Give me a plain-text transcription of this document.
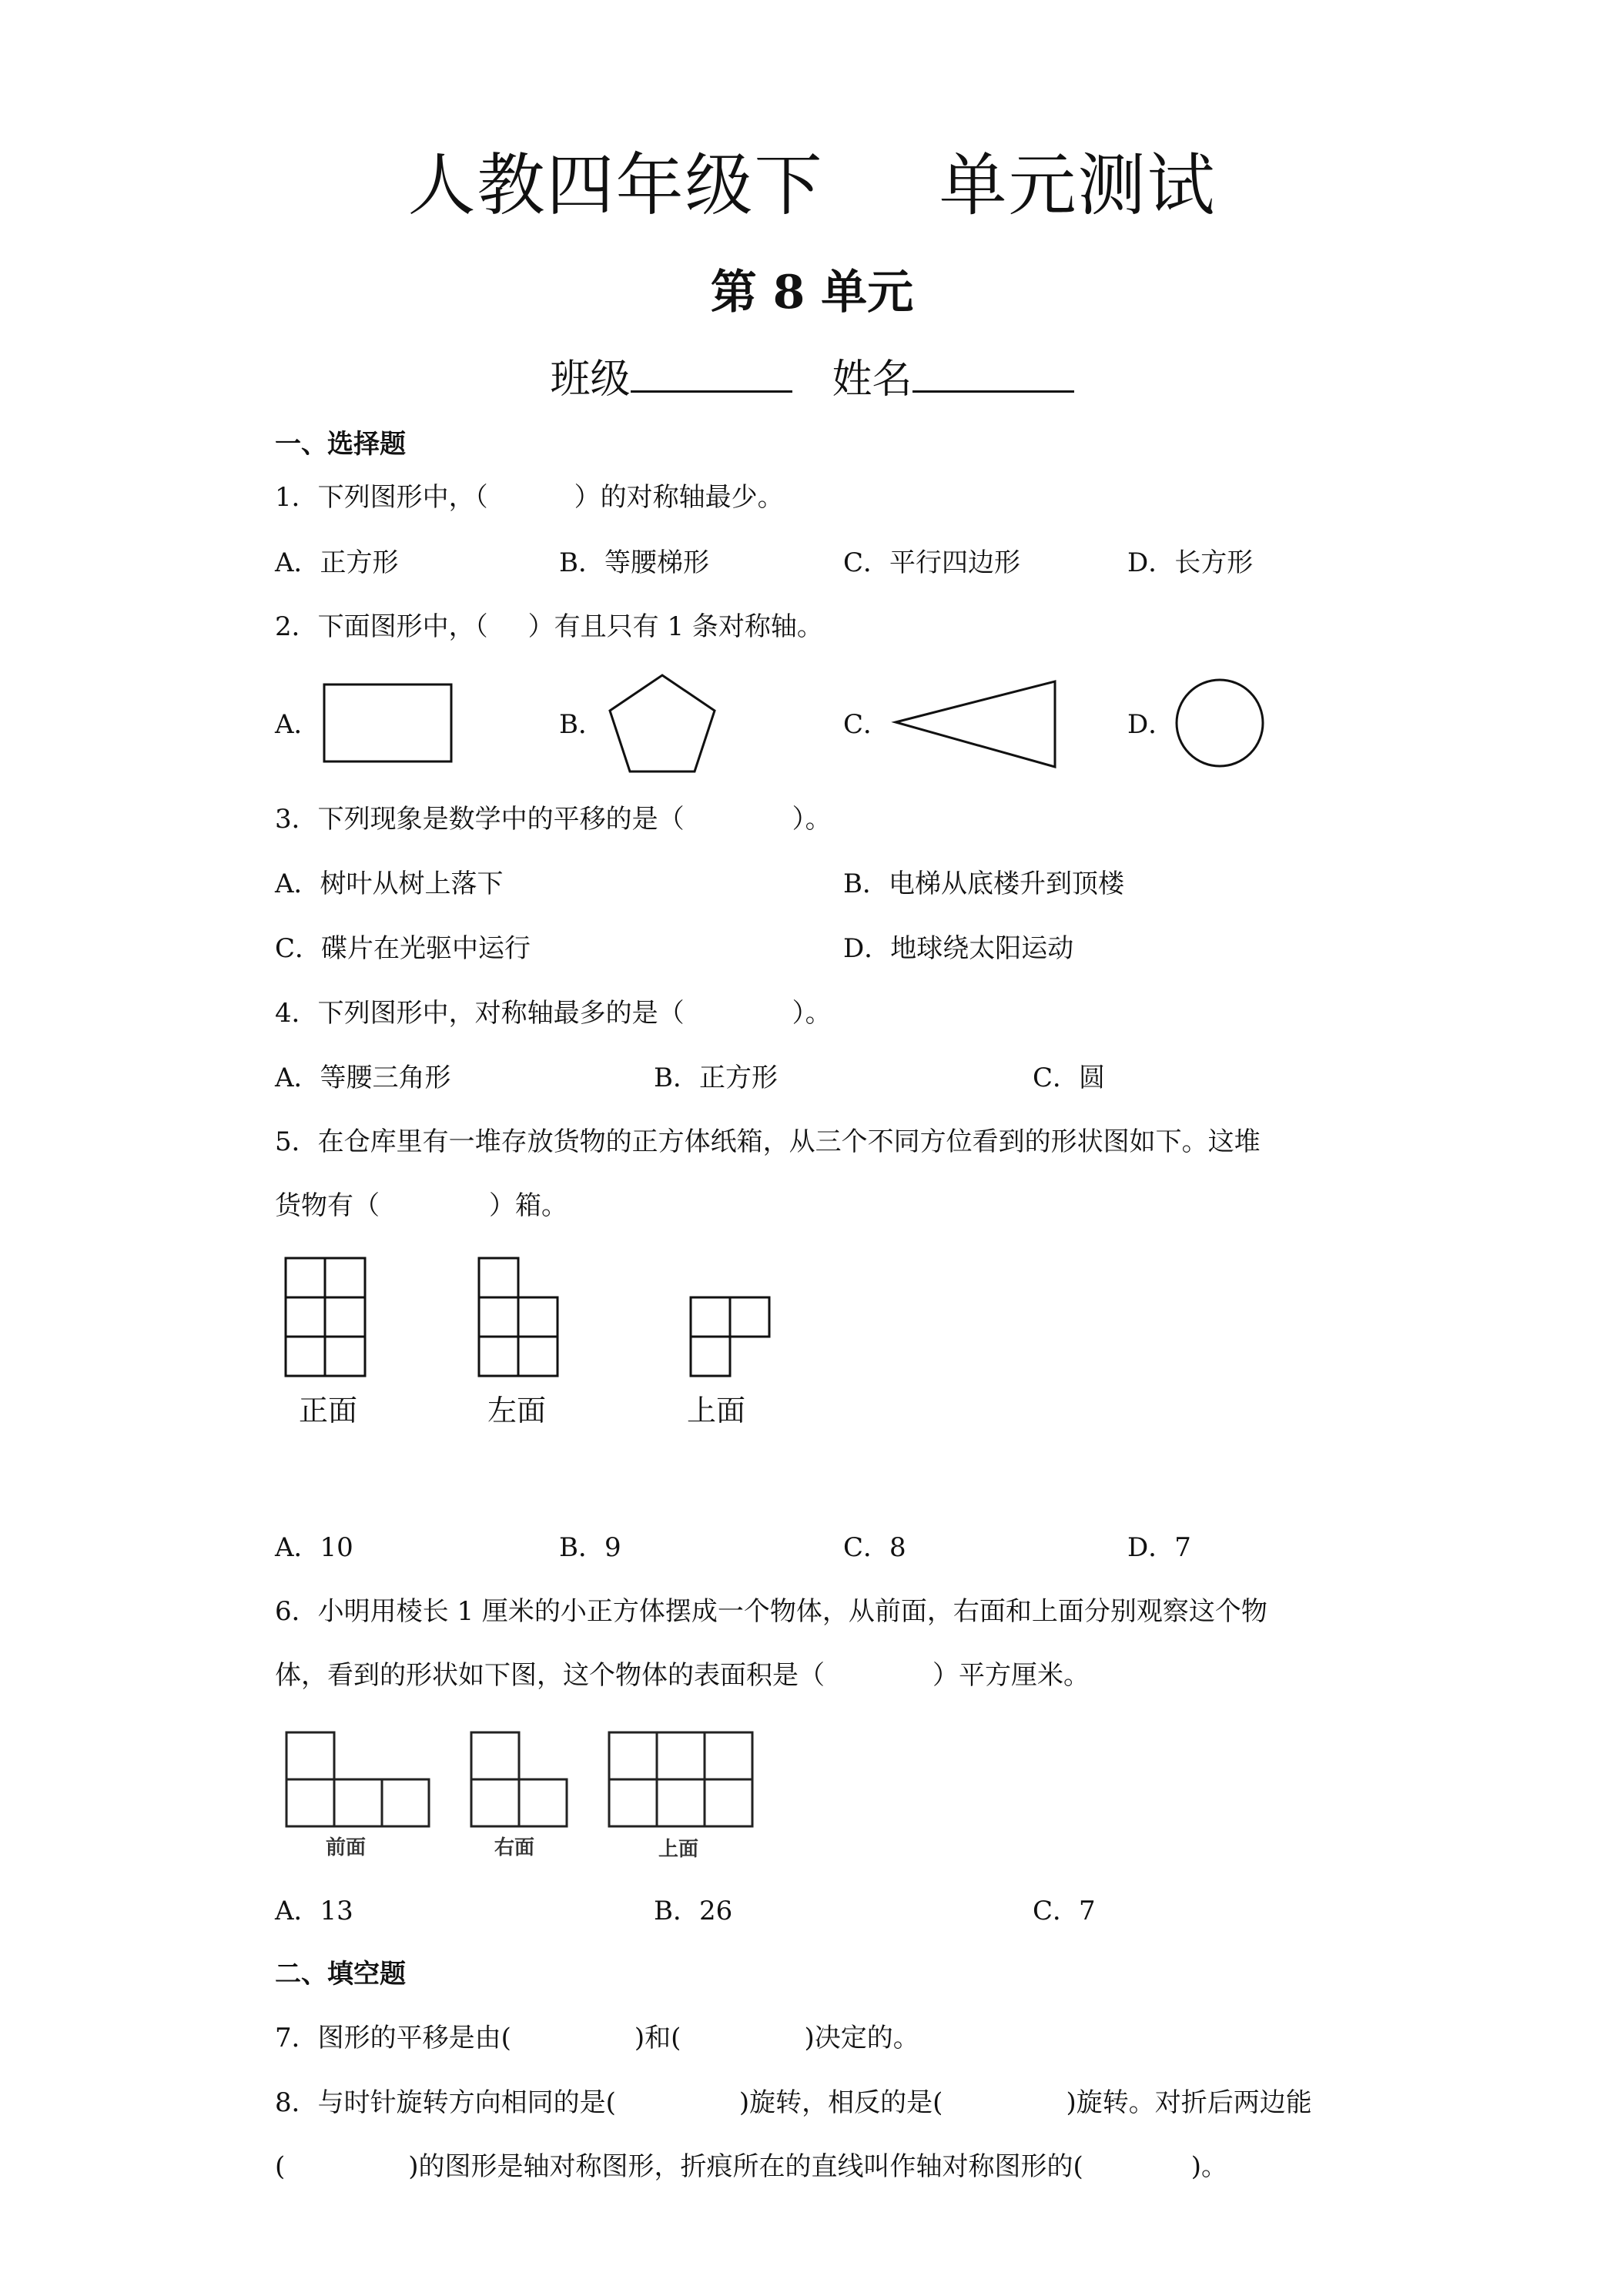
人教四年级下 单元测试
第 8 单元
班级	姓名
一、选择题
1．下列图形中，（	）的对称轴最少。
A．正方形	B．等腰梯形	C．平行四边形	D．长方形
2．下面图形中，（ ）有且只有 1 条对称轴。
A．	B．	C．	D．
3．下列现象是数学中的平移的是（	）。
A．树叶从树上落下	B．电梯从底楼升到顶楼
C．碟片在光驱中运行	D．地球绕太阳运动
4．下列图形中，对称轴最多的是（	）。
A．等腰三角形	B．正方形	C．圆
5．在仓库里有一堆存放货物的正方体纸箱，从三个不同方位看到的形状图如下。这堆
货物有（	）箱。
正面	左面	上面
A．10	B．9	C．8	D．7
6．小明用棱长 1 厘米的小正方体摆成一个物体，从前面，右面和上面分别观察这个物
体，看到的形状如下图，这个物体的表面积是（	）平方厘米。
前面	右面	上面
A．13	B．26	C．7
二、填空题
7．图形的平移是由(	)和(	)决定的。
8．与时针旋转方向相同的是(	)旋转，相反的是(	)旋转。对折后两边能
(	)的图形是轴对称图形，折痕所在的直线叫作轴对称图形的(	)。
